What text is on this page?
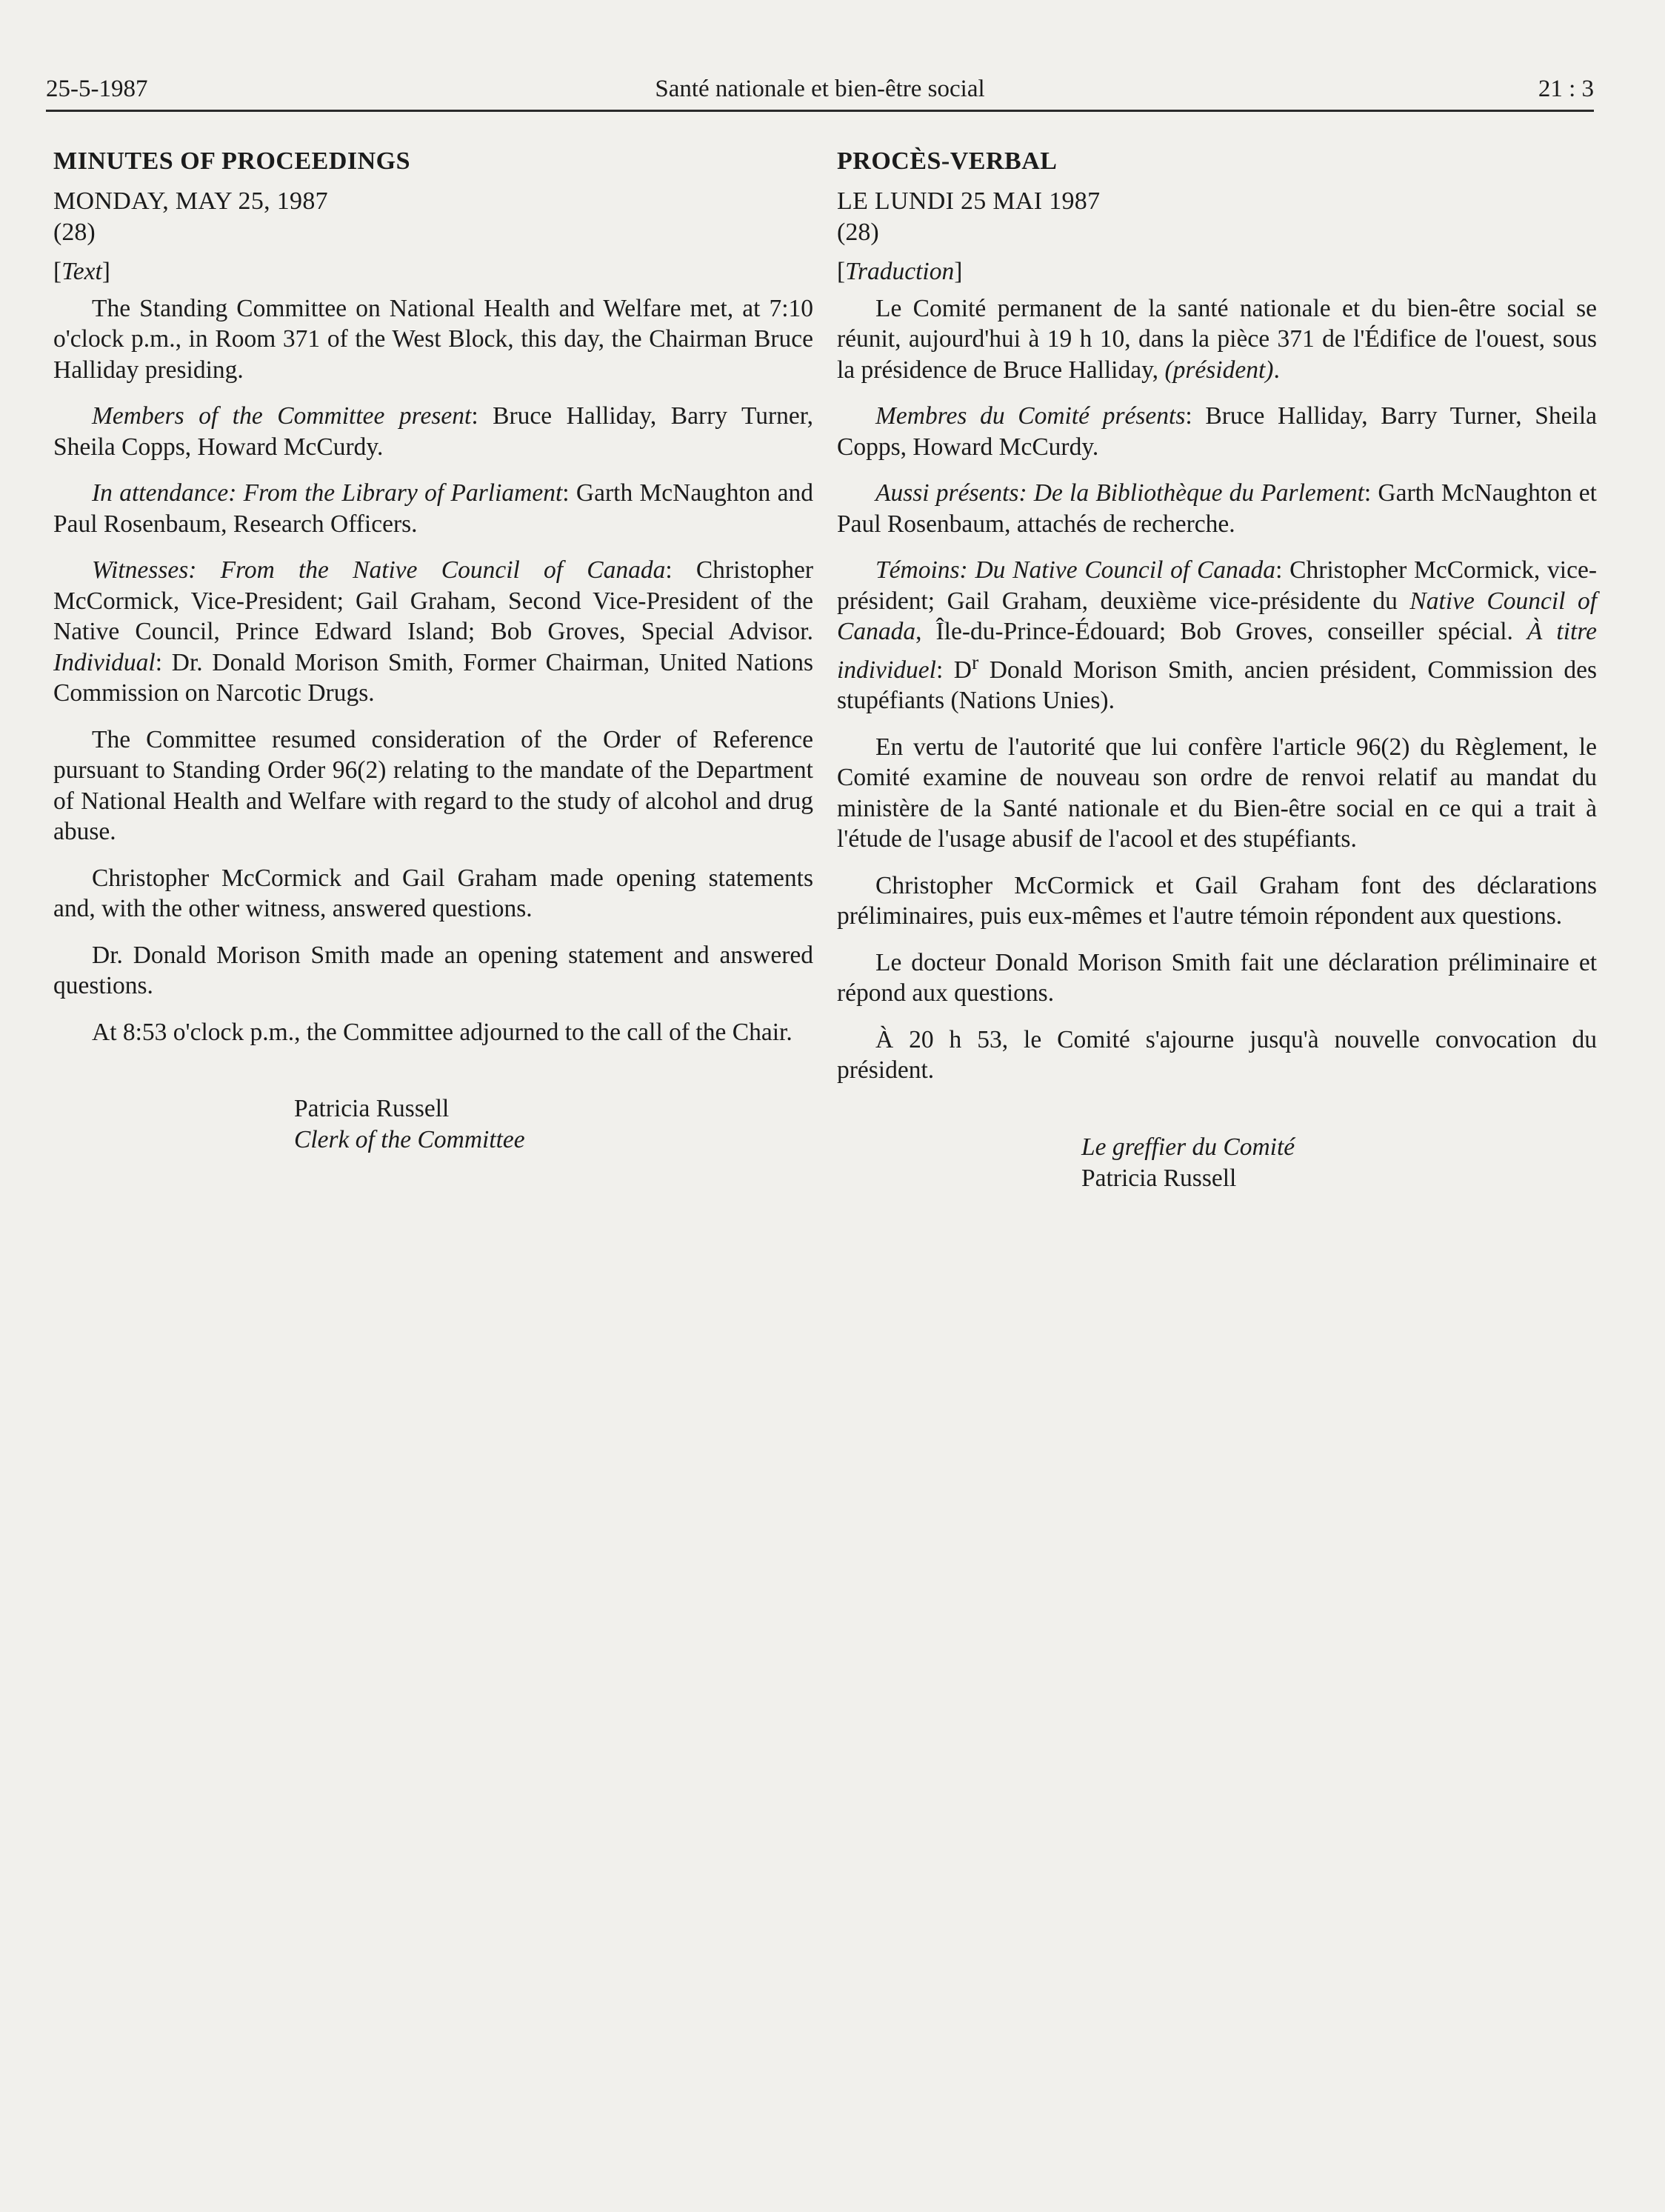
25-5-1987	Santé nationale et bien-être social	21 : 3
MINUTES OF PROCEEDINGS

MONDAY, MAY 25, 1987

(28)

[Text]

The Standing Committee on National Health and Welfare met, at 7:10 o'clock p.m., in Room 371 of the West Block, this day, the Chairman Bruce Halliday presiding.

Members of the Committee present: Bruce Halliday, Barry Turner, Sheila Copps, Howard McCurdy.

In attendance: From the Library of Parliament: Garth McNaughton and Paul Rosenbaum, Research Officers.

Witnesses: From the Native Council of Canada: Christopher McCormick, Vice-President; Gail Graham, Second Vice-President of the Native Council, Prince Edward Island; Bob Groves, Special Advisor. Individual: Dr. Donald Morison Smith, Former Chairman, United Nations Commission on Narcotic Drugs.

The Committee resumed consideration of the Order of Reference pursuant to Standing Order 96(2) relating to the mandate of the Department of National Health and Welfare with regard to the study of alcohol and drug abuse.

Christopher McCormick and Gail Graham made opening statements and, with the other witness, answered questions.

Dr. Donald Morison Smith made an opening statement and answered questions.

At 8:53 o'clock p.m., the Committee adjourned to the call of the Chair.

Patricia Russell

Clerk of the Committee

PROCÈS-VERBAL

LE LUNDI 25 MAI 1987

(28)

[Traduction]

Le Comité permanent de la santé nationale et du bien-être social se réunit, aujourd'hui à 19 h 10, dans la pièce 371 de l'Édifice de l'ouest, sous la présidence de Bruce Halliday, (président).

Membres du Comité présents: Bruce Halliday, Barry Turner, Sheila Copps, Howard McCurdy.

Aussi présents: De la Bibliothèque du Parlement: Garth McNaughton et Paul Rosenbaum, attachés de recherche.

Témoins: Du Native Council of Canada: Christopher McCormick, vice-président; Gail Graham, deuxième vice-présidente du Native Council of Canada, Île-du-Prince-Édouard; Bob Groves, conseiller spécial. À titre individuel: $D^r$ Donald Morison Smith, ancien président, Commission des stupéfiants (Nations Unies).

En vertu de l'autorité que lui confère l'article 96(2) du Règlement, le Comité examine de nouveau son ordre de renvoi relatif au mandat du ministère de la Santé nationale et du Bien-être social en ce qui a trait à l'étude de l'usage abusif de l'acool et des stupéfiants.

Christopher McCormick et Gail Graham font des déclarations préliminaires, puis eux-mêmes et l'autre témoin répondent aux questions.

Le docteur Donald Morison Smith fait une déclaration préliminaire et répond aux questions.

À 20 h 53, le Comité s'ajourne jusqu'à nouvelle convocation du président.

Le greffier du Comité

Patricia Russell
